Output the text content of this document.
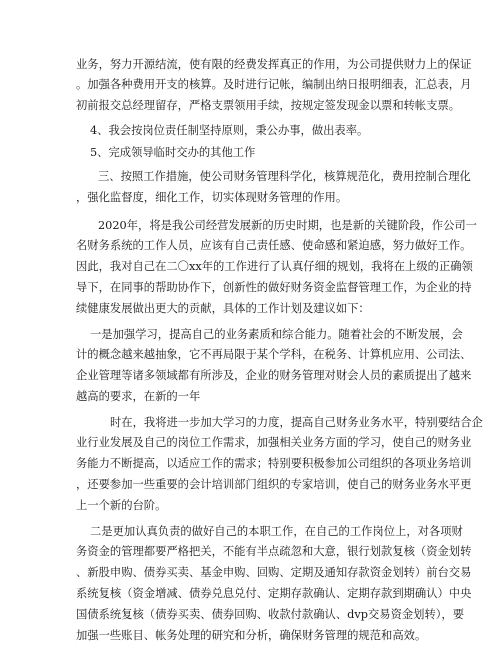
业务，努力开源结流，使有限的经费发挥真正的作用，为公司提供财力上的保证
。加强各种费用开支的核算。及时进行记帐，编制出纳日报明细表，汇总表，月
初前报交总经理留存，严格支票领用手续，按规定签发现金以票和转帐支票。
4、我会按岗位责任制坚持原则，秉公办事，做出表率。
5、完成领导临时交办的其他工作
三、按照工作措施，使公司财务管理科学化，核算规范化，费用控制合理化
，强化监督度，细化工作，切实体现财务管理的作用。
2020年，将是我公司经营发展新的历史时期，也是新的关键阶段，作公司一
名财务系统的工作人员，应该有自己责任感、使命感和紧迫感，努力做好工作。
因此，我对自己在二〇xx年的工作进行了认真仔细的规划，我将在上级的正确领
导下，在同事的帮助协作下，创新性的做好财务资金监督管理工作，为企业的持
续健康发展做出更大的贡献，具体的工作计划及建议如下：
一是加强学习，提高自己的业务素质和综合能力。随着社会的不断发展，会
计的概念越来越抽象，它不再局限于某个学科，在税务、计算机应用、公司法、
企业管理等诸多领域都有所涉及，企业的财务管理对财会人员的素质提出了越来
越高的要求，在新的一年
时在，我将进一步加大学习的力度，提高自己财务业务水平，特别要结合企
业行业发展及自己的岗位工作需求，加强相关业务方面的学习，使自己的财务业
务能力不断提高，以适应工作的需求；特别要积极参加公司组织的各项业务培训
，还要参加一些重要的会计培训部门组织的专家培训，使自己的财务业务水平更
上一个新的台阶。
二是更加认真负责的做好自己的本职工作，在自己的工作岗位上，对各项财
务资金的管理都要严格把关，不能有半点疏忽和大意，银行划款复核（资金划转
、新股申购、债券买卖、基金申购、回购、定期及通知存款资金划转）前台交易
系统复核（资金增减、债券兑息兑付、定期存款确认、定期存款到期确认）中央
国债系统复核（债券买卖、债券回购、收款付款确认、dvp交易资金划转），要
加强一些账目、帐务处理的研究和分析，确保财务管理的规范和高效。
